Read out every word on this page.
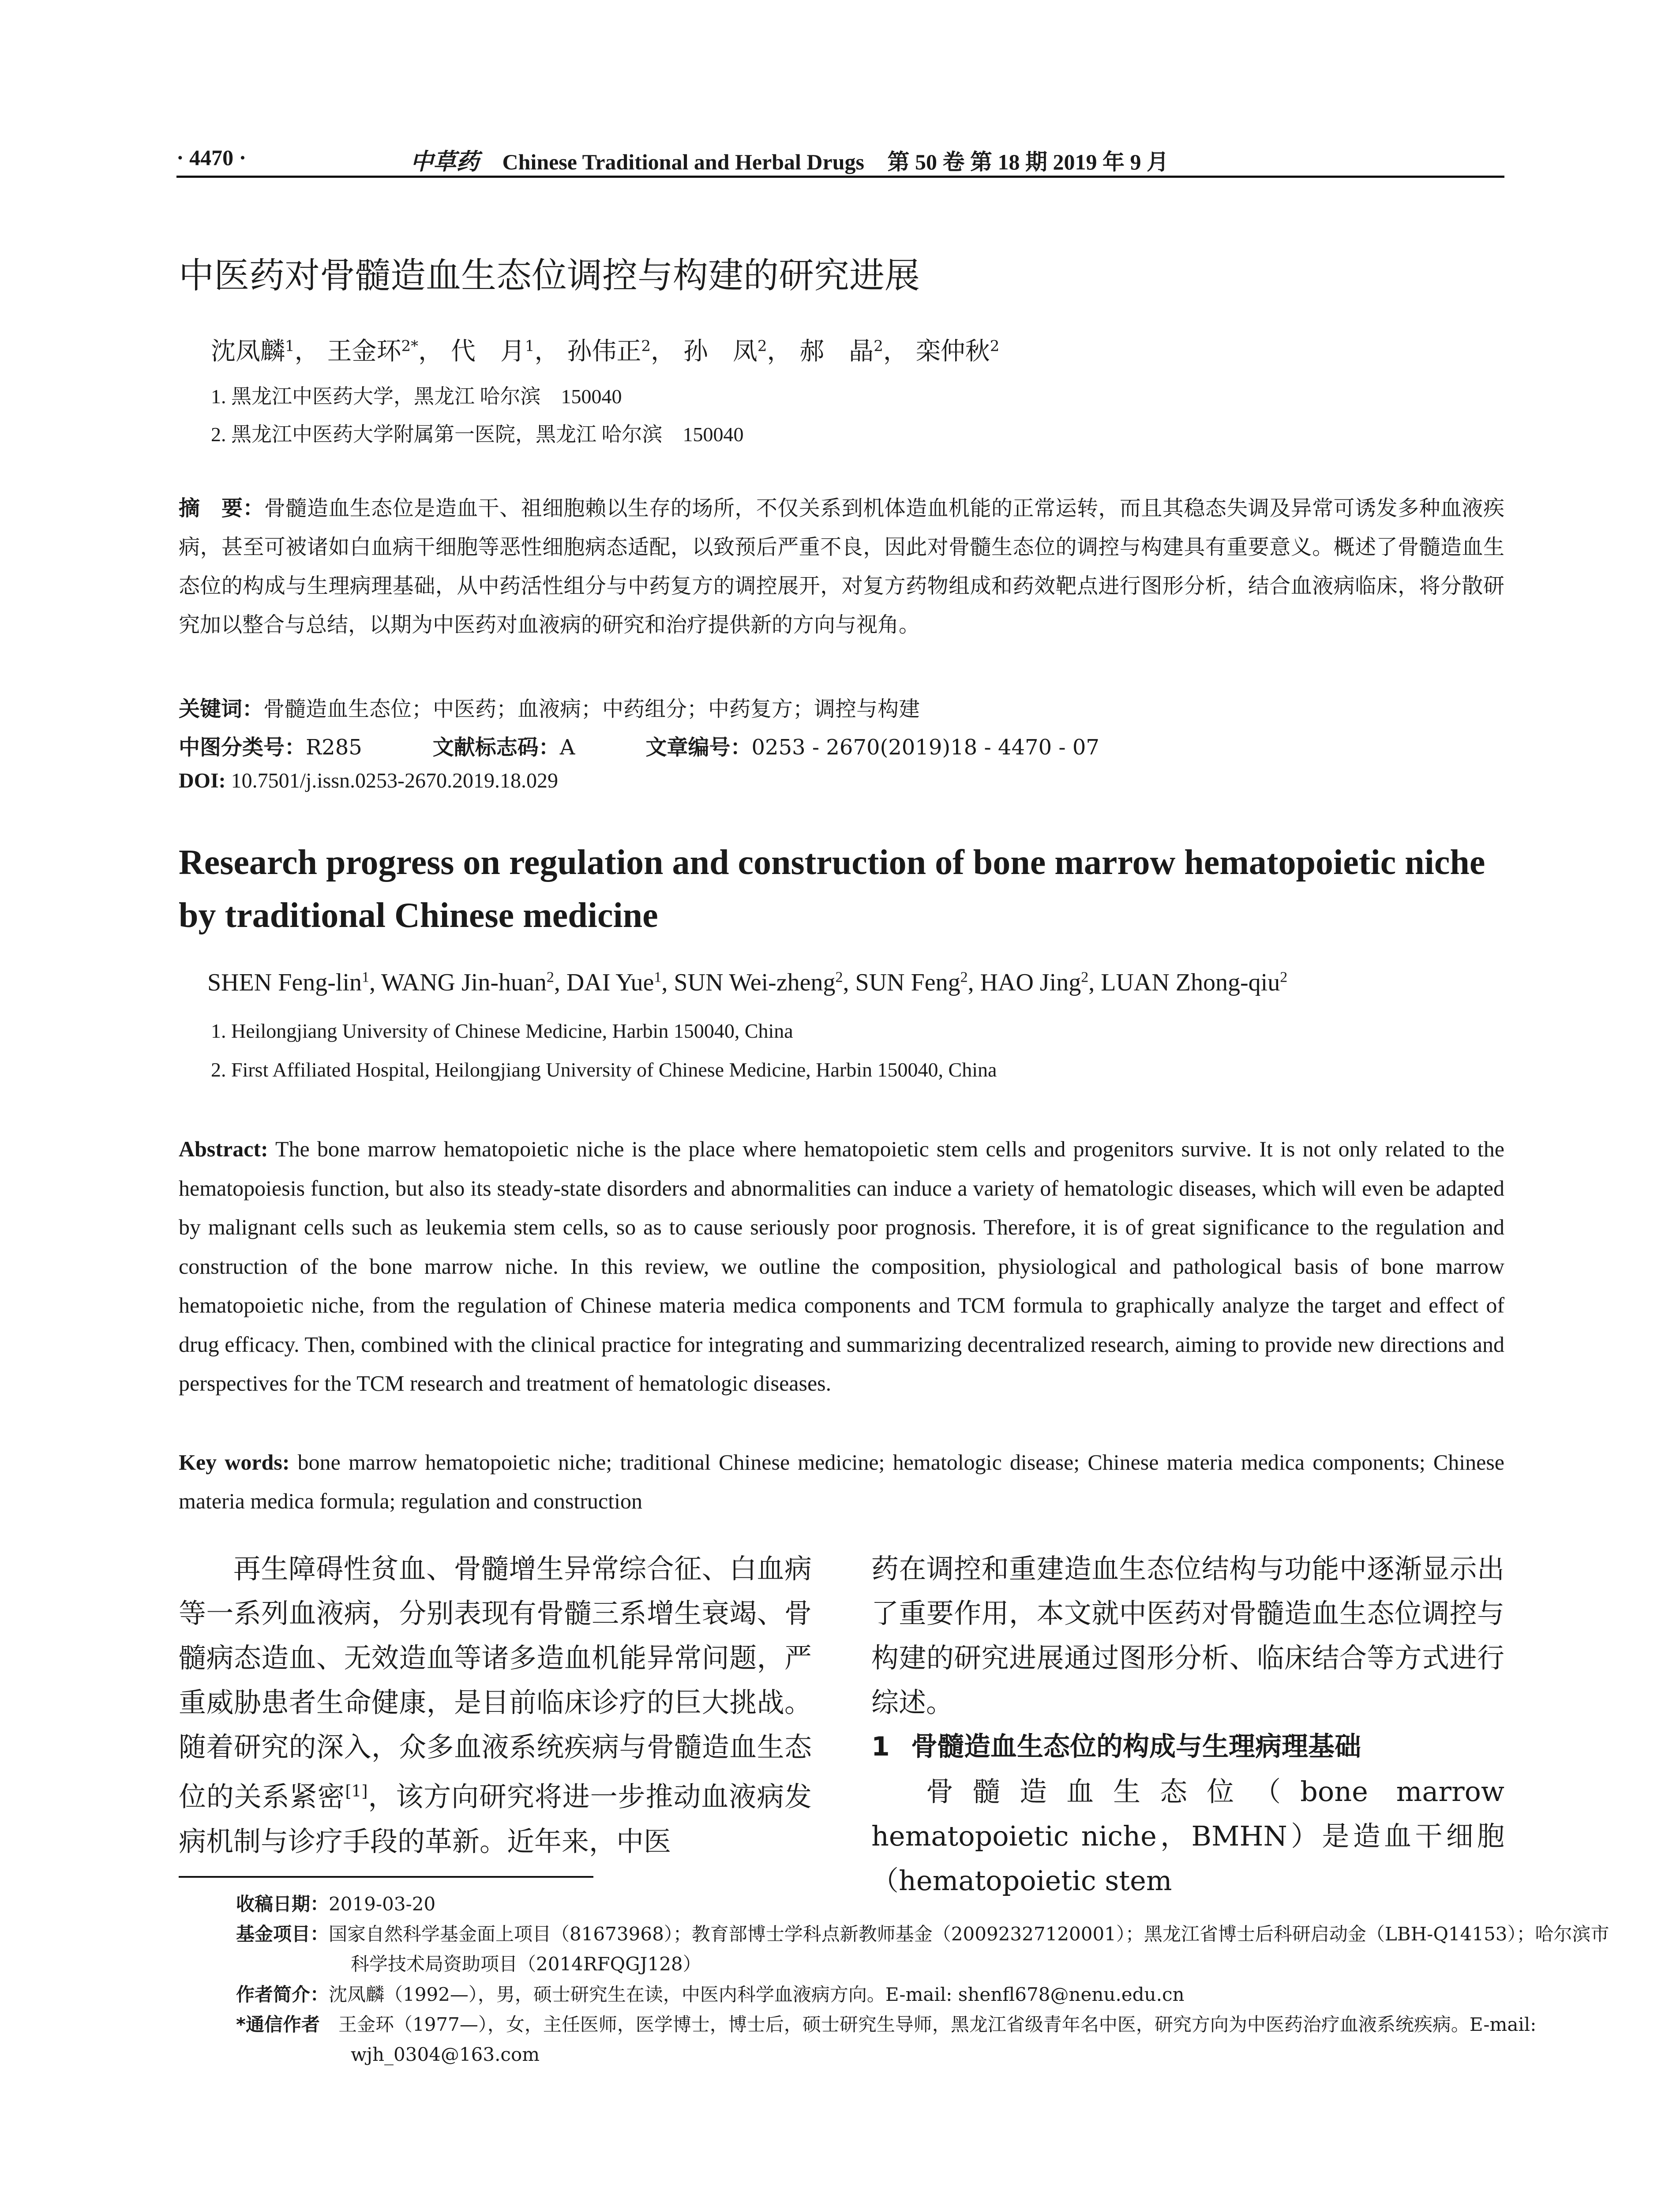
· 4470 ·	中草药 Chinese Traditional and Herbal Drugs 第 50 卷 第 18 期 2019 年 9 月
中医药对骨髓造血生态位调控与构建的研究进展
沈凤麟$^1$， 王金环$^{2*}$， 代　月$^1$， 孙伟正$^2$， 孙　凤$^2$， 郝　晶$^2$， 栾仲秋$^2$
1. 黑龙江中医药大学，黑龙江 哈尔滨　150040
2. 黑龙江中医药大学附属第一医院，黑龙江 哈尔滨　150040
摘　要：骨髓造血生态位是造血干、祖细胞赖以生存的场所，不仅关系到机体造血机能的正常运转，而且其稳态失调及异常可诱发多种血液疾病，甚至可被诸如白血病干细胞等恶性细胞病态适配，以致预后严重不良，因此对骨髓生态位的调控与构建具有重要意义。概述了骨髓造血生态位的构成与生理病理基础，从中药活性组分与中药复方的调控展开，对复方药物组成和药效靶点进行图形分析，结合血液病临床，将分散研究加以整合与总结，以期为中医药对血液病的研究和治疗提供新的方向与视角。
关键词：骨髓造血生态位；中医药；血液病；中药组分；中药复方；调控与构建
中图分类号：R285	文献标志码：A	文章编号：0253 - 2670(2019)18 - 4470 - 07
DOI: 10.7501/j.issn.0253-2670.2019.18.029
Research progress on regulation and construction of bone marrow hematopoietic niche by traditional Chinese medicine
SHEN Feng-lin$^1$, WANG Jin-huan$^2$, DAI Yue$^1$, SUN Wei-zheng$^2$, SUN Feng$^2$, HAO Jing$^2$, LUAN Zhong-qiu$^2$
1. Heilongjiang University of Chinese Medicine, Harbin 150040, China
2. First Affiliated Hospital, Heilongjiang University of Chinese Medicine, Harbin 150040, China
Abstract: The bone marrow hematopoietic niche is the place where hematopoietic stem cells and progenitors survive. It is not only related to the hematopoiesis function, but also its steady-state disorders and abnormalities can induce a variety of hematologic diseases, which will even be adapted by malignant cells such as leukemia stem cells, so as to cause seriously poor prognosis. Therefore, it is of great significance to the regulation and construction of the bone marrow niche. In this review, we outline the composition, physiological and pathological basis of bone marrow hematopoietic niche, from the regulation of Chinese materia medica components and TCM formula to graphically analyze the target and effect of drug efficacy. Then, combined with the clinical practice for integrating and summarizing decentralized research, aiming to provide new directions and perspectives for the TCM research and treatment of hematologic diseases.
Key words: bone marrow hematopoietic niche; traditional Chinese medicine; hematologic disease; Chinese materia medica components; Chinese materia medica formula; regulation and construction

再生障碍性贫血、骨髓增生异常综合征、白血病等一系列血液病，分别表现有骨髓三系增生衰竭、骨髓病态造血、无效造血等诸多造血机能异常问题，严重威胁患者生命健康，是目前临床诊疗的巨大挑战。随着研究的深入，众多血液系统疾病与骨髓造血生态位的关系紧密[1]，该方向研究将进一步推动血液病发病机制与诊疗手段的革新。近年来，中医

药在调控和重建造血生态位结构与功能中逐渐显示出了重要作用，本文就中医药对骨髓造血生态位调控与构建的研究进展通过图形分析、临床结合等方式进行综述。

1 骨髓造血生态位的构成与生理病理基础

骨髓造血生态位（bone marrow hematopoietic niche，BMHN）是造血干细胞（hematopoietic stem

收稿日期：2019-03-20
基金项目：国家自然科学基金面上项目（81673968）；教育部博士学科点新教师基金（20092327120001）；黑龙江省博士后科研启动金（LBH-Q14153）；哈尔滨市科学技术局资助项目（2014RFQGJ128）
作者简介：沈凤麟（1992—），男，硕士研究生在读，中医内科学血液病方向。E-mail: shenfl678@nenu.edu.cn
*通信作者　 王金环（1977—），女，主任医师，医学博士，博士后，硕士研究生导师，黑龙江省级青年名中医，研究方向为中医药治疗血液系统疾病。E-mail: wjh_0304@163.com
